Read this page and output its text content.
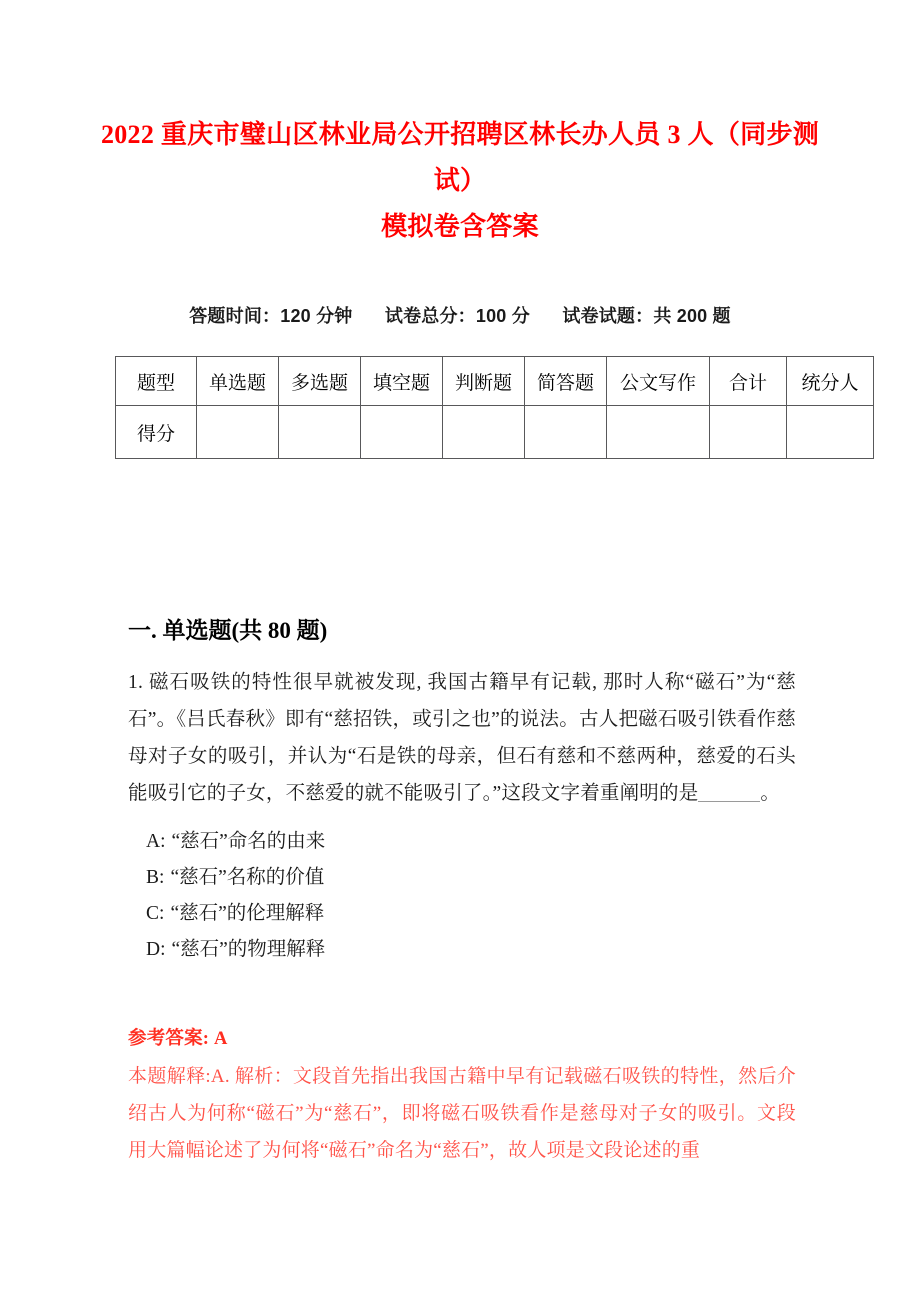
2022 重庆市璧山区林业局公开招聘区林长办人员 3 人（同步测试）
模拟卷含答案
答题时间：120 分钟 试卷总分：100 分 试卷试题：共 200 题
题型	单选题	多选题	填空题	判断题	简答题	公文写作	合计	统分人
得分								
一. 单选题(共 80 题)

1. 磁石吸铁的特性很早就被发现, 我国古籍早有记载, 那时人称“磁石”为“慈石”。《吕氏春秋》即有“慈招铁，或引之也”的说法。古人把磁石吸引铁看作慈母对子女的吸引，并认为“石是铁的母亲，但石有慈和不慈两种，慈爱的石头能吸引它的子女，不慈爱的就不能吸引了。”这段文字着重阐明的是	。

A: “慈石”命名的由来
B: “慈石”名称的价值
C: “慈石”的伦理解释
D: “慈石”的物理解释

参考答案: A

本题解释:A. 解析：文段首先指出我国古籍中早有记载磁石吸铁的特性，然后介绍古人为何称“磁石”为“慈石”，即将磁石吸铁看作是慈母对子女的吸引。文段用大篇幅论述了为何将“磁石”命名为“慈石”，故人项是文段论述的重
